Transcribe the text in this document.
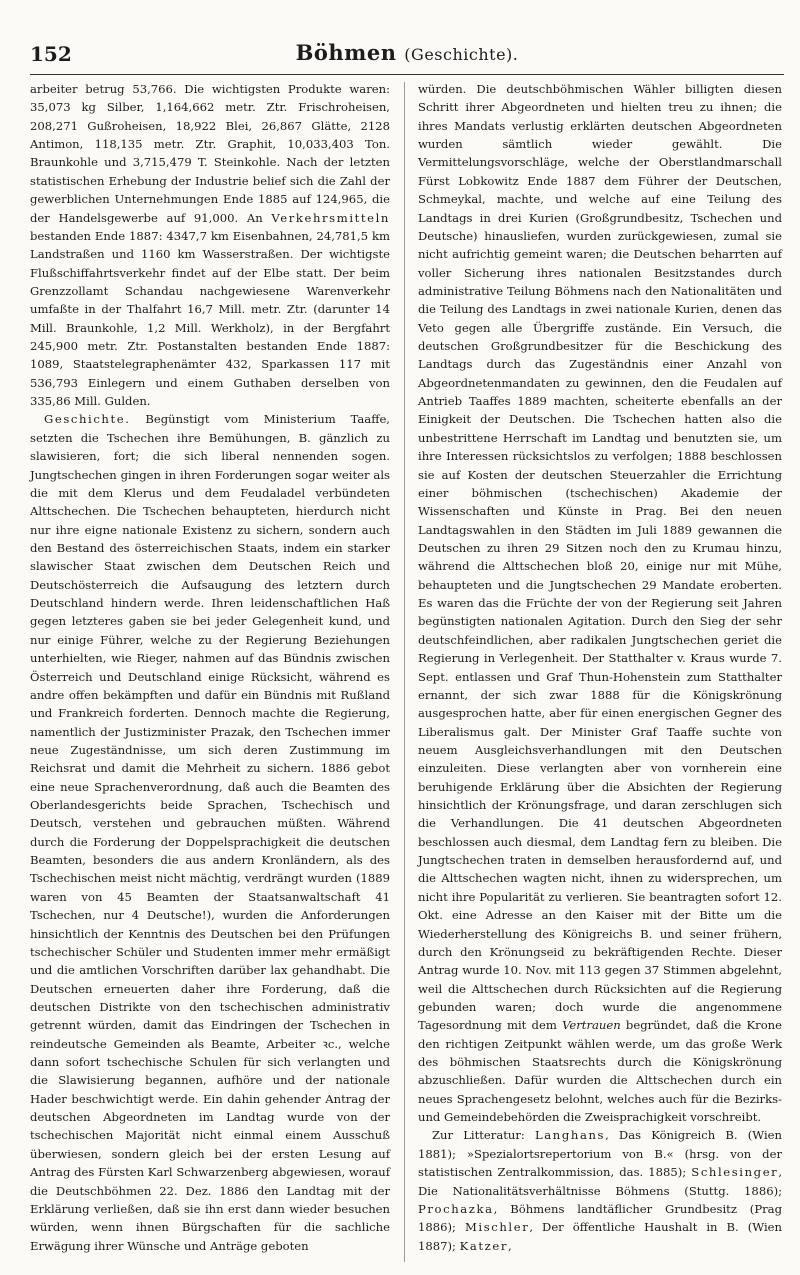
152	Böhmen (Geschichte).

arbeiter betrug 53,766. Die wichtigsten Produkte waren: 35,073 kg Silber, 1,164,662 metr. Ztr. Frischroheisen, 208,271 Gußroheisen, 18,922 Blei, 26,867 Glätte, 2128 Antimon, 118,135 metr. Ztr. Graphit, 10,033,403 Ton. Braunkohle und 3,715,479 T. Steinkohle. Nach der letzten statistischen Erhebung der Industrie belief sich die Zahl der gewerblichen Unternehmungen Ende 1885 auf 124,965, die der Handelsgewerbe auf 91,000. An Verkehrsmitteln bestanden Ende 1887: 4347,7 km Eisenbahnen, 24,781,5 km Landstraßen und 1160 km Wasserstraßen. Der wichtigste Flußschiffahrtsverkehr findet auf der Elbe statt. Der beim Grenzzollamt Schandau nachgewiesene Warenverkehr umfaßte in der Thalfahrt 16,7 Mill. metr. Ztr. (darunter 14 Mill. Braunkohle, 1,2 Mill. Werkholz), in der Bergfahrt 245,900 metr. Ztr. Postanstalten bestanden Ende 1887: 1089, Staatstelegraphenämter 432, Sparkassen 117 mit 536,793 Einlegern und einem Guthaben derselben von 335,86 Mill. Gulden.

Geschichte. Begünstigt vom Ministerium Taaffe, setzten die Tschechen ihre Bemühungen, B. gänzlich zu slawisieren, fort; die sich liberal nennenden sogen. Jungtschechen gingen in ihren Forderungen sogar weiter als die mit dem Klerus und dem Feudaladel verbündeten Alttschechen. Die Tschechen behaupteten, hierdurch nicht nur ihre eigne nationale Existenz zu sichern, sondern auch den Bestand des österreichischen Staats, indem ein starker slawischer Staat zwischen dem Deutschen Reich und Deutschösterreich die Aufsaugung des letztern durch Deutschland hindern werde. Ihren leidenschaftlichen Haß gegen letzteres gaben sie bei jeder Gelegenheit kund, und nur einige Führer, welche zu der Regierung Beziehungen unterhielten, wie Rieger, nahmen auf das Bündnis zwischen Österreich und Deutschland einige Rücksicht, während es andre offen bekämpften und dafür ein Bündnis mit Rußland und Frankreich forderten. Dennoch machte die Regierung, namentlich der Justizminister Prazak, den Tschechen immer neue Zugeständnisse, um sich deren Zustimmung im Reichsrat und damit die Mehrheit zu sichern. 1886 gebot eine neue Sprachenverordnung, daß auch die Beamten des Oberlandesgerichts beide Sprachen, Tschechisch und Deutsch, verstehen und gebrauchen müßten. Während durch die Forderung der Doppelsprachigkeit die deutschen Beamten, besonders die aus andern Kronländern, als des Tschechischen meist nicht mächtig, verdrängt wurden (1889 waren von 45 Beamten der Staatsanwaltschaft 41 Tschechen, nur 4 Deutsche!), wurden die Anforderungen hinsichtlich der Kenntnis des Deutschen bei den Prüfungen tschechischer Schüler und Studenten immer mehr ermäßigt und die amtlichen Vorschriften darüber lax gehandhabt. Die Deutschen erneuerten daher ihre Forderung, daß die deutschen Distrikte von den tschechischen administrativ getrennt würden, damit das Eindringen der Tschechen in reindeutsche Gemeinden als Beamte, Arbeiter ꝛc., welche dann sofort tschechische Schulen für sich verlangten und die Slawisierung begannen, aufhöre und der nationale Hader beschwichtigt werde. Ein dahin gehender Antrag der deutschen Abgeordneten im Landtag wurde von der tschechischen Majorität nicht einmal einem Ausschuß überwiesen, sondern gleich bei der ersten Lesung auf Antrag des Fürsten Karl Schwarzenberg abgewiesen, worauf die Deutschböhmen 22. Dez. 1886 den Landtag mit der Erklärung verließen, daß sie ihn erst dann wieder besuchen würden, wenn ihnen Bürgschaften für die sachliche Erwägung ihrer Wünsche und Anträge geboten

würden. Die deutschböhmischen Wähler billigten diesen Schritt ihrer Abgeordneten und hielten treu zu ihnen; die ihres Mandats verlustig erklärten deutschen Abgeordneten wurden sämtlich wieder gewählt. Die Vermittelungsvorschläge, welche der Oberstlandmarschall Fürst Lobkowitz Ende 1887 dem Führer der Deutschen, Schmeykal, machte, und welche auf eine Teilung des Landtags in drei Kurien (Großgrundbesitz, Tschechen und Deutsche) hinausliefen, wurden zurückgewiesen, zumal sie nicht aufrichtig gemeint waren; die Deutschen beharrten auf voller Sicherung ihres nationalen Besitzstandes durch administrative Teilung Böhmens nach den Nationalitäten und die Teilung des Landtags in zwei nationale Kurien, denen das Veto gegen alle Übergriffe zustände. Ein Versuch, die deutschen Großgrundbesitzer für die Beschickung des Landtags durch das Zugeständnis einer Anzahl von Abgeordnetenmandaten zu gewinnen, den die Feudalen auf Antrieb Taaffes 1889 machten, scheiterte ebenfalls an der Einigkeit der Deutschen. Die Tschechen hatten also die unbestrittene Herrschaft im Landtag und benutzten sie, um ihre Interessen rücksichtslos zu verfolgen; 1888 beschlossen sie auf Kosten der deutschen Steuerzahler die Errichtung einer böhmischen (tschechischen) Akademie der Wissenschaften und Künste in Prag. Bei den neuen Landtagswahlen in den Städten im Juli 1889 gewannen die Deutschen zu ihren 29 Sitzen noch den zu Krumau hinzu, während die Alttschechen bloß 20, einige nur mit Mühe, behaupteten und die Jungtschechen 29 Mandate eroberten. Es waren das die Früchte der von der Regierung seit Jahren begünstigten nationalen Agitation. Durch den Sieg der sehr deutschfeindlichen, aber radikalen Jungtschechen geriet die Regierung in Verlegenheit. Der Statthalter v. Kraus wurde 7. Sept. entlassen und Graf Thun-Hohenstein zum Statthalter ernannt, der sich zwar 1888 für die Königskrönung ausgesprochen hatte, aber für einen energischen Gegner des Liberalismus galt. Der Minister Graf Taaffe suchte von neuem Ausgleichsverhandlungen mit den Deutschen einzuleiten. Diese verlangten aber von vornherein eine beruhigende Erklärung über die Absichten der Regierung hinsichtlich der Krönungsfrage, und daran zerschlugen sich die Verhandlungen. Die 41 deutschen Abgeordneten beschlossen auch diesmal, dem Landtag fern zu bleiben. Die Jungtschechen traten in demselben herausfordernd auf, und die Alttschechen wagten nicht, ihnen zu widersprechen, um nicht ihre Popularität zu verlieren. Sie beantragten sofort 12. Okt. eine Adresse an den Kaiser mit der Bitte um die Wiederherstellung des Königreichs B. und seiner frühern, durch den Krönungseid zu bekräftigenden Rechte. Dieser Antrag wurde 10. Nov. mit 113 gegen 37 Stimmen abgelehnt, weil die Alttschechen durch Rücksichten auf die Regierung gebunden waren; doch wurde die angenommene Tagesordnung mit dem Vertrauen begründet, daß die Krone den richtigen Zeitpunkt wählen werde, um das große Werk des böhmischen Staatsrechts durch die Königskrönung abzuschließen. Dafür wurden die Alttschechen durch ein neues Sprachengesetz belohnt, welches auch für die Bezirks- und Gemeindebehörden die Zweisprachigkeit vorschreibt.

Zur Litteratur: Langhans, Das Königreich B. (Wien 1881); »Spezialortsrepertorium von B.« (hrsg. von der statistischen Zentralkommission, das. 1885); Schlesinger, Die Nationalitätsverhältnisse Böhmens (Stuttg. 1886); Prochazka, Böhmens landtäflicher Grundbesitz (Prag 1886); Mischler, Der öffentliche Haushalt in B. (Wien 1887); Katzer,
